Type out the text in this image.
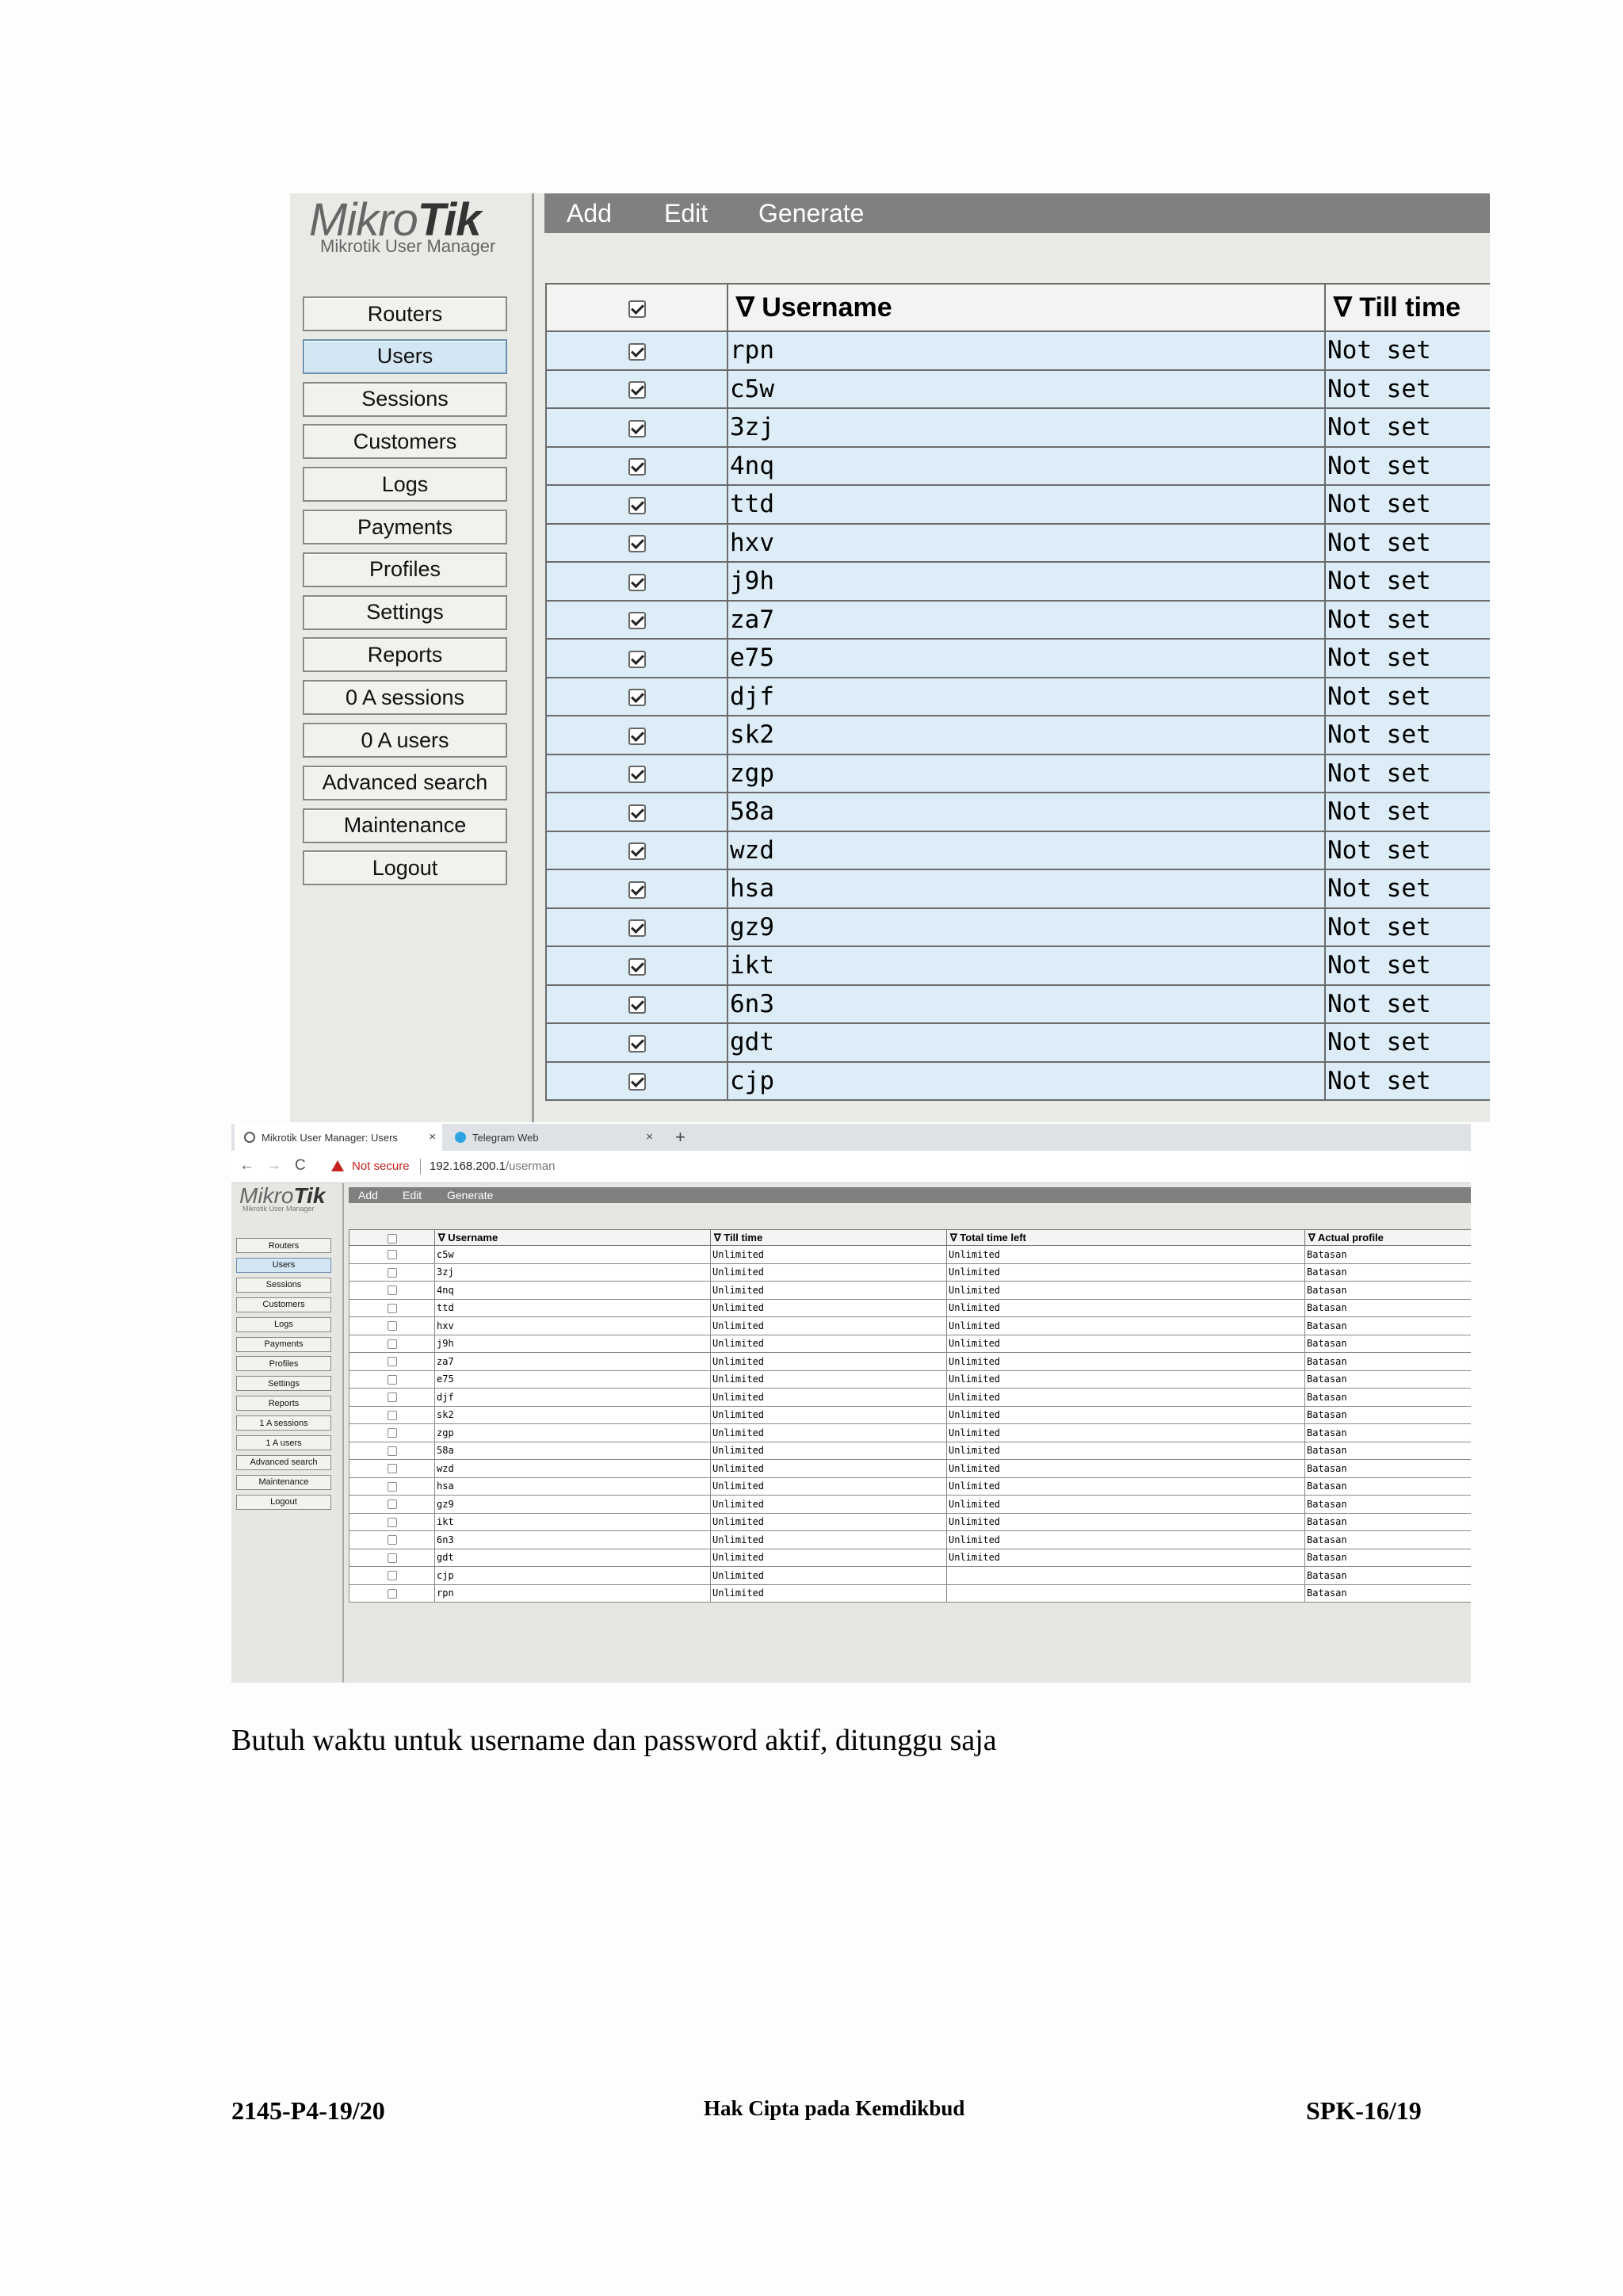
MikroTik
Mikrotik User Manager
Routers
Users
Sessions
Customers
Logs
Payments
Profiles
Settings
Reports
0 A sessions
0 A users
Advanced search
Maintenance
Logout
Add Edit Generate
	∇ Username	∇ Till time
	rpn	Not set
	c5w	Not set
	3zj	Not set
	4nq	Not set
	ttd	Not set
	hxv	Not set
	j9h	Not set
	za7	Not set
	e75	Not set
	djf	Not set
	sk2	Not set
	zgp	Not set
	58a	Not set
	wzd	Not set
	hsa	Not set
	gz9	Not set
	ikt	Not set
	6n3	Not set
	gdt	Not set
	cjp	Not set
Mikrotik User Manager: Users	×	Telegram Web	× +
← → C	Not secure 192.168.200.1/userman
MikroTik
Mikrotik User Manager
Routers
Users
Sessions
Customers
Logs
Payments
Profiles
Settings
Reports
1 A sessions
1 A users
Advanced search
Maintenance
Logout
Add Edit Generate
	∇ Username	∇ Till time	∇ Total time left	∇ Actual profile
	c5w	Unlimited	Unlimited	Batasan
	3zj	Unlimited	Unlimited	Batasan
	4nq	Unlimited	Unlimited	Batasan
	ttd	Unlimited	Unlimited	Batasan
	hxv	Unlimited	Unlimited	Batasan
	j9h	Unlimited	Unlimited	Batasan
	za7	Unlimited	Unlimited	Batasan
	e75	Unlimited	Unlimited	Batasan
	djf	Unlimited	Unlimited	Batasan
	sk2	Unlimited	Unlimited	Batasan
	zgp	Unlimited	Unlimited	Batasan
	58a	Unlimited	Unlimited	Batasan
	wzd	Unlimited	Unlimited	Batasan
	hsa	Unlimited	Unlimited	Batasan
	gz9	Unlimited	Unlimited	Batasan
	ikt	Unlimited	Unlimited	Batasan
	6n3	Unlimited	Unlimited	Batasan
	gdt	Unlimited	Unlimited	Batasan
	cjp	Unlimited		Batasan
	rpn	Unlimited		Batasan
.
Butuh waktu untuk username dan password aktif, ditunggu saja
2145-P4-19/20	Hak Cipta pada Kemdikbud	SPK-16/19
